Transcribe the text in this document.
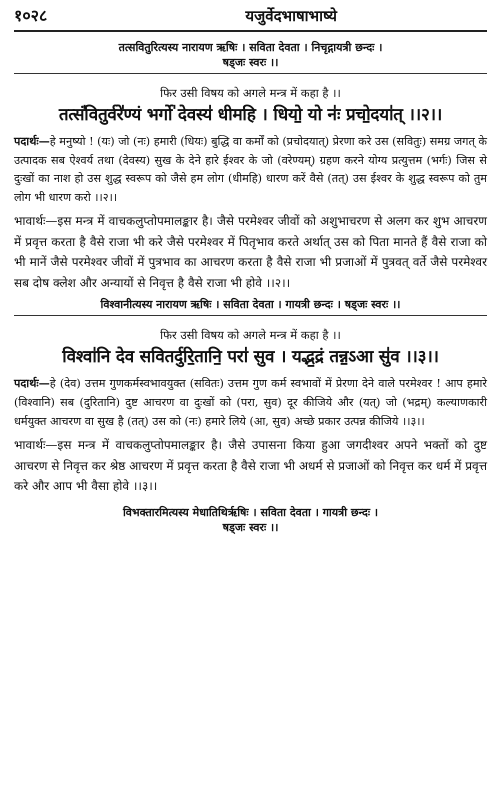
१०२८	यजुर्वेदभाषाभाष्ये
तत्सवितुरित्यस्य नारायण ऋषिः । सविता देवता । निचृद्गायत्री छन्दः ।
षड्जः स्वरः ।।
फिर उसी विषय को अगले मन्त्र में कहा है ।।
तत्सं॑वितुर्वरे॑ण्यं भर्गो॑ देवस्य॑ धीमहि । धियो॒ यो नः॑ प्रचो॒दया॑त् ।।२।।
पदार्थः—हे मनुष्यो ! (यः) जो (नः) हमारी (धियः) बुद्धि वा कर्मों को (प्रचोदयात्) प्रेरणा करे उस (सवितुः) समग्र जगत् के उत्पादक सब ऐश्वर्य तथा (देवस्य) सुख के देने हारे ईश्वर के जो (वरेण्यम्) ग्रहण करने योग्य प्रत्युत्तम (भर्गः) जिस से दुःखों का नाश हो उस शुद्ध स्वरूप को जैसे हम लोग (धीमहि) धारण करें वैसे (तत्) उस ईश्वर के शुद्ध स्वरूप को तुम लोग भी धारण करो ।।२।।
भावार्थः—इस मन्त्र में वाचकलुप्तोपमालङ्कार है। जैसे परमेश्वर जीवों को अशुभाचरण से अलग कर शुभ आचरण में प्रवृत्त करता है वैसे राजा भी करे जैसे परमेश्वर में पितृभाव करते अर्थात् उस को पिता मानते हैं वैसे राजा को भी मानें जैसे परमेश्वर जीवों में पुत्रभाव का आचरण करता है वैसे राजा भी प्रजाओं में पुत्रवत् वर्ते जैसे परमेश्वर सब दोष क्लेश और अन्यायों से निवृत्त है वैसे राजा भी होवे ।।२।।
विश्वानीत्यस्य नारायण ऋषिः । सविता देवता । गायत्री छन्दः । षड्जः स्वरः ।।
फिर उसी विषय को अगले मन्त्र में कहा है ।।
विश्वा॑नि देव सवितर्दुरि॒तानि॒ परा॑ सुव । यद्भ॒द्रं तन्न॒ऽआ सु॑व ।।३।।
पदार्थः—हे (देव) उत्तम गुणकर्मस्वभावयुक्त (सवितः) उत्तम गुण कर्म स्वभावों में प्रेरणा देने वाले परमेश्वर ! आप हमारे (विश्वानि) सब (दुरितानि) दुष्ट आचरण वा दुःखों को (परा, सुव) दूर कीजिये और (यत्) जो (भद्रम्) कल्याणकारी धर्मयुक्त आचरण वा सुख है (तत्) उस को (नः) हमारे लिये (आ, सुव) अच्छे प्रकार उत्पन्न कीजिये ।।३।।
भावार्थः—इस मन्त्र में वाचकलुप्तोपमालङ्कार है। जैसे उपासना किया हुआ जगदीश्वर अपने भक्तों को दुष्ट आचरण से निवृत्त कर श्रेष्ठ आचरण में प्रवृत्त करता है वैसे राजा भी अधर्म से प्रजाओं को निवृत्त कर धर्म में प्रवृत्त करे और आप भी वैसा होवे ।।३।।
विभक्तारमित्यस्य मेधातिथिर्ऋषिः । सविता देवता । गायत्री छन्दः ।
षड्जः स्वरः ।।
